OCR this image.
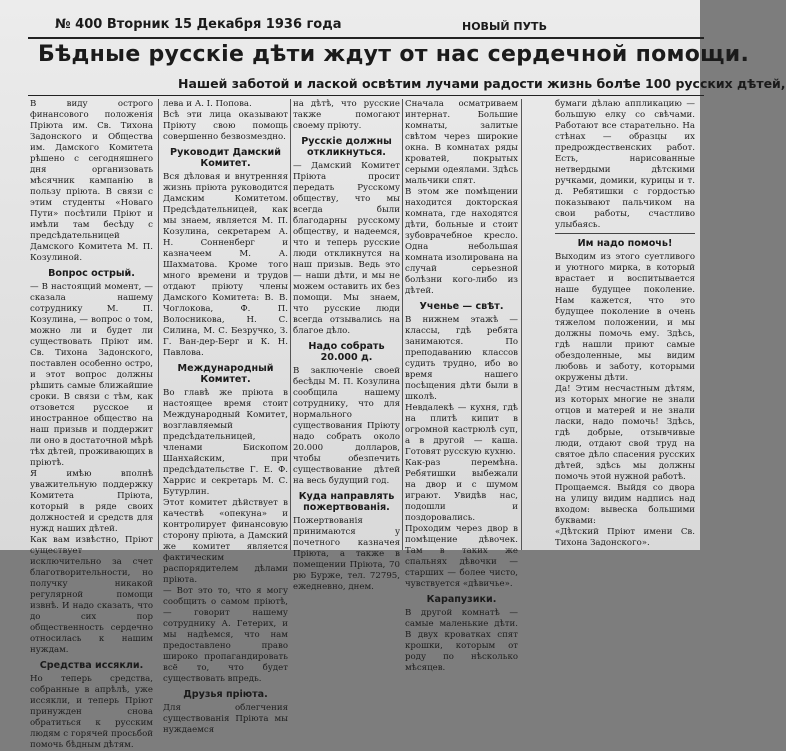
№ 400 Вторник 15 Декабря 1936 года	НОВЫЙ ПУТЬ
Бѣдные русскіе дѣти ждут от нас сердечной помощи.
Нашей заботой и лаской освѣтим лучами радости жизнь болѣе 100 русских дѣтей,

В виду острого финансового положенія Пріюта им. Св. Тихона Задонского и Общества им. Дамского Комитета рѣшено с сегодняшнего дня организовать мѣсячник кампанію в пользу пріюта. В связи с этим студенты «Новаго Пути» посѣтили Пріют и имѣли там бесѣду с предсѣдательницей Дамского Комитета М. П. Козулиной.

Вопрос острый.

— В настоящий момент, — сказала нашему сотруднику М. П. Козулина, — вопрос о том, можно ли и будет ли существовать Пріют им. Св. Тихона Задонского, поставлен особенно остро, и этот вопрос должны рѣшить самые ближайшие сроки. В связи с тѣм, как отзовется русское и иностранное общество на наш призыв и поддержит ли оно в достаточной мѣрѣ тѣх дѣтей, проживающих в пріютѣ.

Я имѣю вполнѣ уважительную поддержку Комитета Пріюта, который в ряде своих должностей и средств для нужд наших дѣтей.

Как вам извѣстно, Пріют существует исключительно за счет благотворительности, но получку никакой регулярной помощи извнѣ. И надо сказать, что до сих пор общественность сердечно относилась к нашим нуждам.

Средства иссякли.

Но теперь средства, собранные в апрѣлѣ, уже иссякли, и теперь Пріют принужден снова обратиться к русским людям с горячей просьбой помочь бѣдным дѣтям.

лева и А. І. Попова.

Всѣ эти лица оказывают Пріюту свою помощь совершенно безвозмездно.

Руководит Дамский Комитет.

Вся дѣловая и внутренняя жизнь пріюта руководится Дамским Комитетом. Предсѣдательницей, как мы знаем, является М. П. Козулина, секретарем А. Н. Сонненберг и казначеем М. А. Шахматова. Кроме того много времени и трудов отдают пріюту члены Дамского Комитета: В. В. Чоглокова, Ф. П. Волосникова, Н. С. Силина, М. С. Безручко, З. Г. Ван-дер-Берг и К. Н. Павлова.

Международный Комитет.

Во главѣ же пріюта в настоящее время стоит Международный Комитет, возглавляемый предсѣдательницей, членами Бископом Шанхайским, при предсѣдательстве Г. Е. Ф. Харрис и секретарь М. С. Бутурлин.

Этот комитет дѣйствует в качествѣ «опекуна» и контролирует финансовую сторону пріюта, а Дамский же комитет является фактическим распорядителем дѣлами пріюта.

— Вот это то, что я могу сообщить о самом пріютѣ, — говорит нашему сотруднику А. Гетерих, и мы надѣемся, что нам предоставлено право широко пропагандировать всё то, что будет существовать впредь.

Друзья пріюта.

Для облегчения существованія Пріюта мы нуждаемся

на дѣтѣ, что русские также помогают своему пріюту.

Русскіе должны откликнуться.

— Дамский Комитет Пріюта просит передать Русскому обществу, что мы всегда были благодарны русскому обществу, и надеемся, что и теперь русские люди откликнутся на наш призыв. Ведь это — наши дѣти, и мы не можем оставить их без помощи. Мы знаем, что русские люди всегда отзывались на благое дѣло.

Надо собрать 20.000 д.

В заключеніе своей бесѣды М. П. Козулина сообщила нашему сотруднику, что для нормального существования Пріюту надо собрать около 20.000 долларов, чтобы обезпечить существование дѣтей на весь будущий год.

Куда направлять пожертвованія.

Пожертвованія принимаются у почетного казначея Пріюта, а также в помещении Пріюта, 70 рю Бурже, тел. 72795, ежедневно, днем.

Сначала осматриваем интернат. Большие комнаты, залитые свѣтом через широкие окна. В комнатах ряды кроватей, покрытых серыми одеялами. Здѣсь мальчики спят.

В этом же помѣщении находится докторская комната, где находятся дѣти, больные и стоит зубоврачебное кресло. Одна небольшая комната изолирована на случай серьезной болѣзни кого-либо из дѣтей.

Ученье — свѣт.

В нижнем этажѣ — классы, гдѣ ребята занимаются. По преподаванию классов судить трудно, ибо во время нашего посѣщения дѣти были в школѣ.

Невдалекѣ — кухня, гдѣ на плитѣ кипит в огромной кастрюлѣ суп, а в другой — каша. Готовят русскую кухню.

Как-раз перемѣна. Ребятишки выбежали на двор и с шумом играют. Увидѣв нас, подошли и поздоровались.

Проходим через двор в помѣщение дѣвочек. Там в таких же спальнях дѣвочки — старших — более чисто, чувствуется «дѣвичье».

Карапузики.

В другой комнатѣ — самые маленькие дѣти. В двух кроватках спят крошки, которым от роду по нѣсколько мѣсяцев.

бумаги дѣлаю аппликацию — большую елку со свѣчами. Работают все старательно. На стѣнах — образцы их предрождественских работ. Есть, нарисованные нетвердыми дѣтскими ручками, домики, курицы и т. д. Ребятишки с гордостью показывают пальчиком на свои работы, счастливо улыбаясь.

Им надо помочь!

Выходим из этого суетливого и уютного мирка, в который врастает и воспитывается наше будущее поколение. Нам кажется, что это будущее поколение в очень тяжелом положении, и мы должны помочь ему. Здѣсь, гдѣ нашли приют самые обездоленные, мы видим любовь и заботу, которыми окружены дѣти.

Да! Этим несчастным дѣтям, из которых многие не знали отцов и матерей и не знали ласки, надо помочь! Здѣсь, гдѣ добрые, отзывчивые люди, отдают свой труд на святое дѣло спасения русских дѣтей, здѣсь мы должны помочь этой нужной работѣ.

Прощаемся. Выйдя со двора на улицу видим надпись над входом: вывеска большими буквами:

«Дѣтский Пріют имени Св. Тихона Задонского».
